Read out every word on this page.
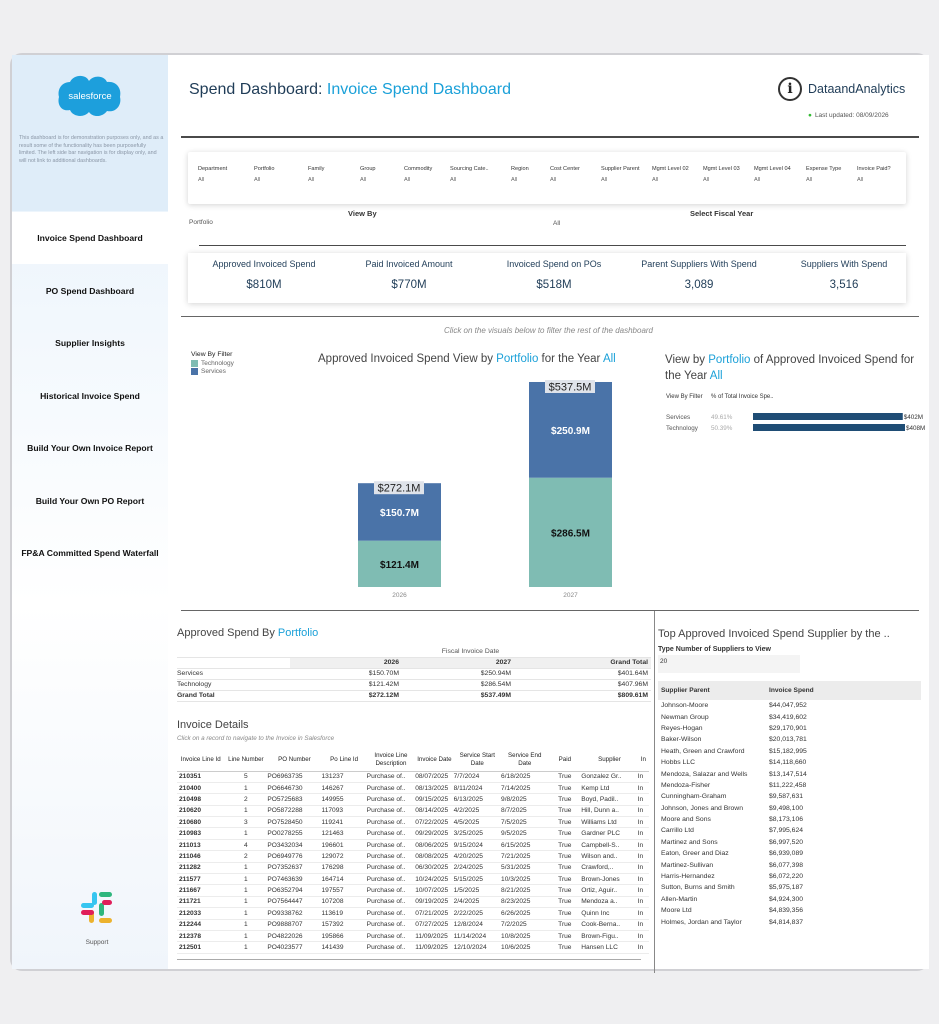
salesforce
This dashboard is for demonstration purposes only, and as a result some of the functionality has been purposefully limited. The left side bar navigation is for display only, and will not link to additional dashboards.
Invoice Spend Dashboard
PO Spend Dashboard
Supplier Insights
Historical Invoice Spend
Build Your Own Invoice Report
Build Your Own PO Report
FP&A Committed Spend Waterfall
Support
Spend Dashboard: Invoice Spend Dashboard	i	DataandAnalytics
● Last updated: 08/09/2026
Department
All
Portfolio
All
Family
All
Group
All
Commodity
All
Sourcing Cate..
All
Region
All
Cost Center
All
Supplier Parent
All
Mgmt Level 02
All
Mgmt Level 03
All
Mgmt Level 04
All
Expense Type
All
Invoice Paid?
All
View By	Select Fiscal Year
Portfolio	All
Approved Invoiced Spend
$810M
Paid Invoiced Amount
$770M
Invoiced Spend on POs
$518M
Parent Suppliers With Spend
3,089
Suppliers With Spend
3,516
Click on the visuals below to filter the rest of the dashboard
View By Filter
Technology
Services
Approved Invoiced Spend View by Portfolio for the Year All
$121.4M
$150.7M
$272.1M
2026
$286.5M
$250.9M
$537.5M
2027
View by Portfolio of Approved Invoiced Spend for the Year All
View By Filter % of Total Invoice Spe..
Services	49.61%	$402M
Technology 50.39%	$408M
Approved Spend By Portfolio
	Fiscal Invoice Date		
	2026	2027	Grand Total
Services	$150.70M	$250.94M	$401.64M
Technology	$121.42M	$286.54M	$407.96M
Grand Total	$272.12M	$537.49M	$809.61M
Invoice Details
Click on a record to navigate to the Invoice in Salesforce
Invoice Line Id	Line Number	PO Number	Po Line Id	Invoice Line Description	Invoice Date	Service Start Date	Service End Date	Paid	Supplier	In
210351	5	PO6963735	131237	Purchase of..	08/07/2025	7/7/2024	6/18/2025	True	Gonzalez Gr..	In
210400	1	PO6646730	146267	Purchase of..	08/13/2025	8/11/2024	7/14/2025	True	Kemp Ltd	In
210498	2	PO5725683	149955	Purchase of..	09/15/2025	6/13/2025	9/8/2025	True	Boyd, Padil..	In
210620	1	PO5872288	117093	Purchase of..	08/14/2025	4/2/2025	8/7/2025	True	Hill, Dunn a..	In
210680	3	PO7528450	119241	Purchase of..	07/22/2025	4/5/2025	7/5/2025	True	Williams Ltd	In
210983	1	PO0278255	121463	Purchase of..	09/29/2025	3/25/2025	9/5/2025	True	Gardner PLC	In
211013	4	PO3432034	196601	Purchase of..	08/06/2025	9/15/2024	6/15/2025	True	Campbell-S..	In
211046	2	PO6949776	129072	Purchase of..	08/08/2025	4/20/2025	7/21/2025	True	Wilson and..	In
211282	1	PO7352637	176298	Purchase of..	06/30/2025	2/24/2025	5/31/2025	True	Crawford,..	In
211577	1	PO7463639	164714	Purchase of..	10/24/2025	5/15/2025	10/3/2025	True	Brown-Jones	In
211667	1	PO6352794	197557	Purchase of..	10/07/2025	1/5/2025	8/21/2025	True	Ortiz, Aguir..	In
211721	1	PO7564447	107208	Purchase of..	09/19/2025	2/4/2025	8/23/2025	True	Mendoza a..	In
212033	1	PO9338762	113619	Purchase of..	07/21/2025	2/22/2025	6/26/2025	True	Quinn Inc	In
212244	1	PO9888707	157392	Purchase of..	07/27/2025	12/8/2024	7/2/2025	True	Cook-Berna..	In
212378	1	PO4822026	195866	Purchase of..	11/09/2025	11/14/2024	10/8/2025	True	Brown-Figu..	In
212501	1	PO4023577	141439	Purchase of..	11/09/2025	12/10/2024	10/6/2025	True	Hansen LLC	In
Top Approved Invoiced Spend Supplier by the ..
Type Number of Suppliers to View
20
Supplier Parent	Invoice Spend
Johnson-Moore	$44,047,952
Newman Group	$34,419,602
Reyes-Hogan	$29,170,901
Baker-Wilson	$20,013,781
Heath, Green and Crawford	$15,182,995
Hobbs LLC	$14,118,660
Mendoza, Salazar and Wells	$13,147,514
Mendoza-Fisher	$11,222,458
Cunningham-Graham	$9,587,631
Johnson, Jones and Brown	$9,498,100
Moore and Sons	$8,173,106
Carrillo Ltd	$7,995,624
Martinez and Sons	$6,997,520
Eaton, Greer and Diaz	$6,939,089
Martinez-Sullivan	$6,077,398
Harris-Hernandez	$6,072,220
Sutton, Burns and Smith	$5,975,187
Allen-Martin	$4,924,300
Moore Ltd	$4,839,356
Holmes, Jordan and Taylor	$4,814,837
